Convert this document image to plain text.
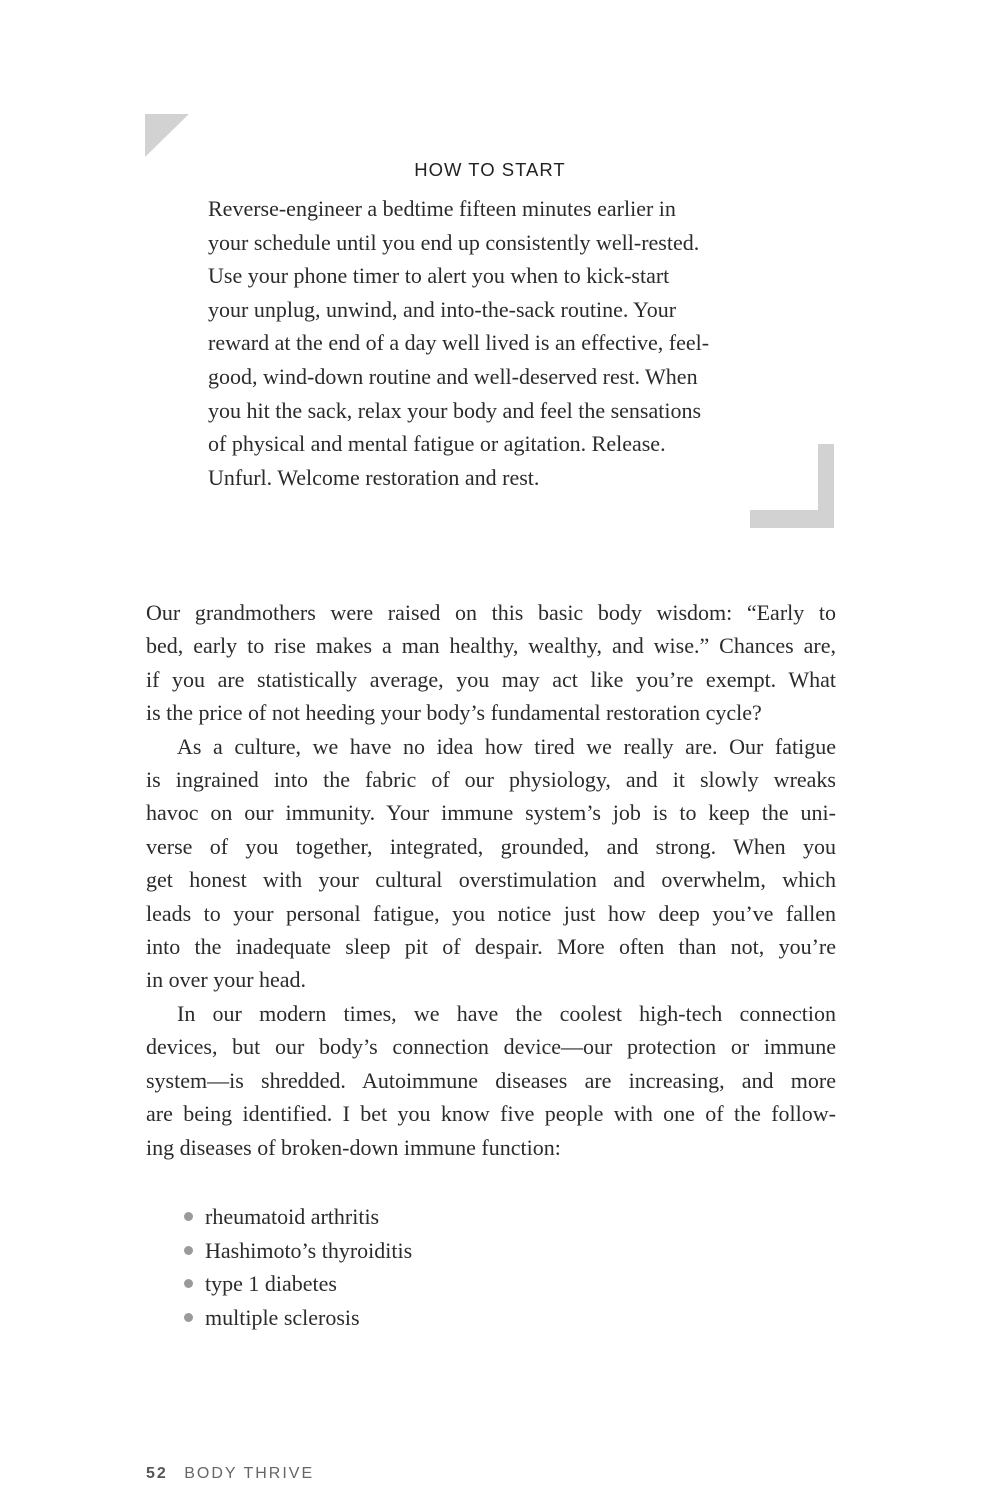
HOW TO START
Reverse-engineer a bedtime fifteen minutes earlier in
your schedule until you end up consistently well-rested.
Use your phone timer to alert you when to kick-start
your unplug, unwind, and into-the-sack routine. Your
reward at the end of a day well lived is an effective, feel-
good, wind-down routine and well-deserved rest. When
you hit the sack, relax your body and feel the sensations
of physical and mental fatigue or agitation. Release.
Unfurl. Welcome restoration and rest.
Our grandmothers were raised on this basic body wisdom: “Early to
bed, early to rise makes a man healthy, wealthy, and wise.” Chances are,
if you are statistically average, you may act like you’re exempt. What
is the price of not heeding your body’s fundamental restoration cycle?
As a culture, we have no idea how tired we really are. Our fatigue
is ingrained into the fabric of our physiology, and it slowly wreaks
havoc on our immunity. Your immune system’s job is to keep the uni-
verse of you together, integrated, grounded, and strong. When you
get honest with your cultural overstimulation and overwhelm, which
leads to your personal fatigue, you notice just how deep you’ve fallen
into the inadequate sleep pit of despair. More often than not, you’re
in over your head.
In our modern times, we have the coolest high-tech connection
devices, but our body’s connection device—our protection or immune
system—is shredded. Autoimmune diseases are increasing, and more
are being identified. I bet you know five people with one of the follow-
ing diseases of broken-down immune function:
rheumatoid arthritis
Hashimoto’s thyroiditis
type 1 diabetes
multiple sclerosis
52 BODY THRIVE
